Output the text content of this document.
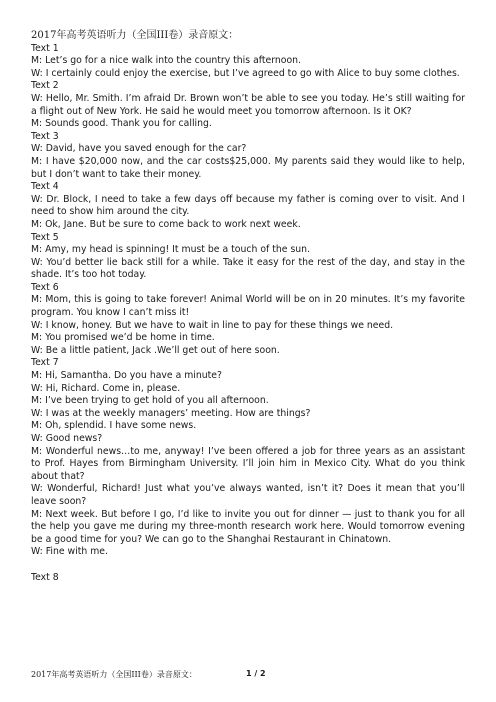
2017年高考英语听力（全国III卷）录音原文：
Text 1
M: Let’s go for a nice walk into the country this afternoon.
W: I certainly could enjoy the exercise, but I’ve agreed to go with Alice to buy some clothes.
Text 2
W: Hello, Mr. Smith. I’m afraid Dr. Brown won’t be able to see you today. He’s still waiting for a flight out of New York. He said he would meet you tomorrow afternoon. Is it OK?
M: Sounds good. Thank you for calling.
Text 3
W: David, have you saved enough for the car?
M: I have $20,000 now, and the car costs$25,000. My parents said they would like to help, but I don’t want to take their money.
Text 4
W: Dr. Block, I need to take a few days off because my father is coming over to visit. And I need to show him around the city.
M: Ok, Jane. But be sure to come back to work next week.
Text 5
M: Amy, my head is spinning! It must be a touch of the sun.
W: You’d better lie back still for a while. Take it easy for the rest of the day, and stay in the shade. It’s too hot today.
Text 6
M: Mom, this is going to take forever! Animal World will be on in 20 minutes. It’s my favorite program. You know I can’t miss it!
W: I know, honey. But we have to wait in line to pay for these things we need.
M: You promised we’d be home in time.
W: Be a little patient, Jack .We’ll get out of here soon.
Text 7
M: Hi, Samantha. Do you have a minute?
W: Hi, Richard. Come in, please.
M: I’ve been trying to get hold of you all afternoon.
W: I was at the weekly managers’ meeting. How are things?
M: Oh, splendid. I have some news.
W: Good news?
M: Wonderful news…to me, anyway! I’ve been offered a job for three years as an assistant to Prof. Hayes from Birmingham University. I’ll join him in Mexico City. What do you think about that?
W: Wonderful, Richard! Just what you’ve always wanted, isn’t it? Does it mean that you’ll leave soon?
M: Next week. But before I go, I’d like to invite you out for dinner — just to thank you for all the help you gave me during my three-month research work here. Would tomorrow evening be a good time for you? We can go to the Shanghai Restaurant in Chinatown.
W: Fine with me.
Text 8
2017年高考英语听力（全国III卷）录音原文：	1 / 2
